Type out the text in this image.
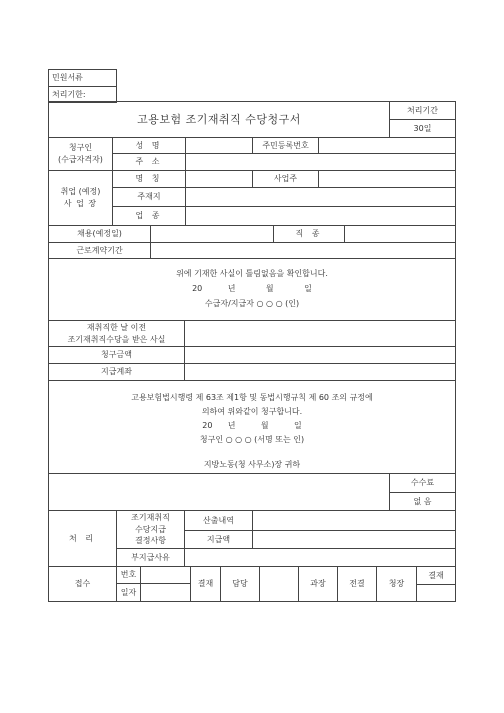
민원서류
처리기한:
고용보험 조기재취직 수당청구서
처리기간
30일
청구인
(수급자격자)
성 명	주민등록번호
주 소
취업 (예정)
사 업 장
명 칭	사업주
주재지
업 종
채용(예정일)	직 종
근로계약기간
위에 기재한 사실이 틀림없음을 확인합니다.
20          년            월            일
수급자/지급자 ○ ○ ○ (인)
재취직한 날 이전
조기재취직수당을 받은 사실
청구금액
지급계좌
고용보험법시행령 제 63조 제1항 및 동법시행규칙 제 60 조의 규정에
의하여 위와같이 청구합니다.
20      년          월          일
청구인 ○ ○ ○ (서명 또는 인)
지방노동(청 사무소)장 귀하
수수료
없 음
처 리
조기재취직
수당지급
결정사항
산출내역
지급액
부지급사유
접수
번호
일자
결재	담당	과장	전결	청장
결재
